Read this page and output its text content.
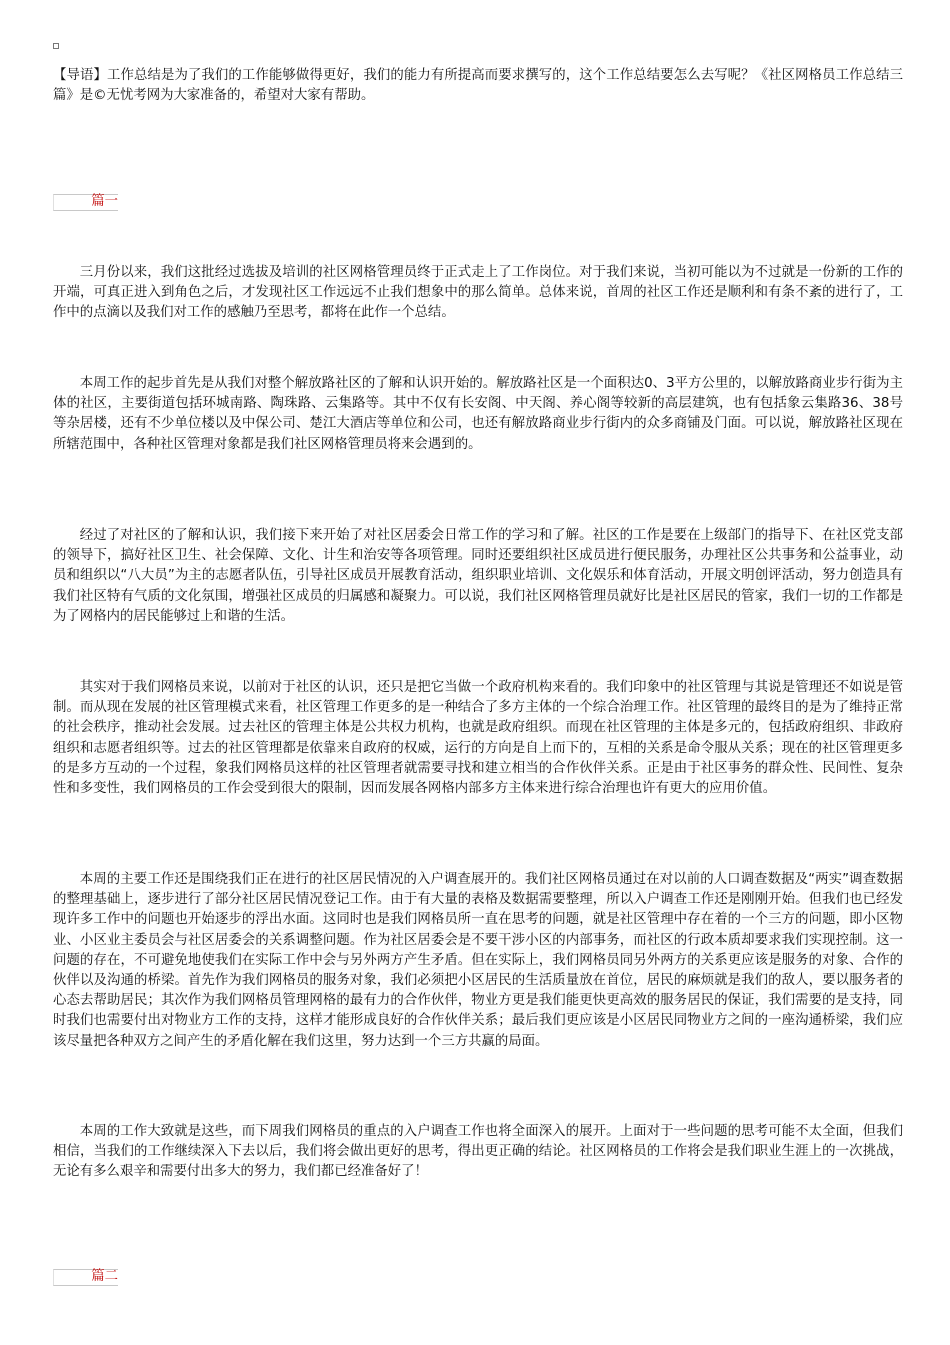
【导语】工作总结是为了我们的工作能够做得更好，我们的能力有所提高而要求撰写的，这个工作总结要怎么去写呢？《社区网格员工作总结三篇》是©无忧考网为大家准备的，希望对大家有帮助。

篇一

三月份以来，我们这批经过选拔及培训的社区网格管理员终于正式走上了工作岗位。对于我们来说，当初可能以为不过就是一份新的工作的开端，可真正进入到角色之后，才发现社区工作远远不止我们想象中的那么简单。总体来说，首周的社区工作还是顺利和有条不紊的进行了，工作中的点滴以及我们对工作的感触乃至思考，都将在此作一个总结。

本周工作的起步首先是从我们对整个解放路社区的了解和认识开始的。解放路社区是一个面积达0、3平方公里的，以解放路商业步行街为主体的社区，主要街道包括环城南路、陶珠路、云集路等。其中不仅有长安阁、中天阁、养心阁等较新的高层建筑，也有包括象云集路36、38号等杂居楼，还有不少单位楼以及中保公司、楚江大酒店等单位和公司，也还有解放路商业步行街内的众多商铺及门面。可以说，解放路社区现在所辖范围中，各种社区管理对象都是我们社区网格管理员将来会遇到的。

经过了对社区的了解和认识，我们接下来开始了对社区居委会日常工作的学习和了解。社区的工作是要在上级部门的指导下、在社区党支部的领导下，搞好社区卫生、社会保障、文化、计生和治安等各项管理。同时还要组织社区成员进行便民服务，办理社区公共事务和公益事业，动员和组织以“八大员”为主的志愿者队伍，引导社区成员开展教育活动，组织职业培训、文化娱乐和体育活动，开展文明创评活动，努力创造具有我们社区特有气质的文化氛围，增强社区成员的归属感和凝聚力。可以说，我们社区网格管理员就好比是社区居民的管家，我们一切的工作都是为了网格内的居民能够过上和谐的生活。

其实对于我们网格员来说，以前对于社区的认识，还只是把它当做一个政府机构来看的。我们印象中的社区管理与其说是管理还不如说是管制。而从现在发展的社区管理模式来看，社区管理工作更多的是一种结合了多方主体的一个综合治理工作。社区管理的最终目的是为了维持正常的社会秩序，推动社会发展。过去社区的管理主体是公共权力机构，也就是政府组织。而现在社区管理的主体是多元的，包括政府组织、非政府组织和志愿者组织等。过去的社区管理都是依靠来自政府的权威，运行的方向是自上而下的，互相的关系是命令服从关系；现在的社区管理更多的是多方互动的一个过程，象我们网格员这样的社区管理者就需要寻找和建立相当的合作伙伴关系。正是由于社区事务的群众性、民间性、复杂性和多变性，我们网格员的工作会受到很大的限制，因而发展各网格内部多方主体来进行综合治理也许有更大的应用价值。

本周的主要工作还是围绕我们正在进行的社区居民情况的入户调查展开的。我们社区网格员通过在对以前的人口调查数据及“两实”调查数据的整理基础上，逐步进行了部分社区居民情况登记工作。由于有大量的表格及数据需要整理，所以入户调查工作还是刚刚开始。但我们也已经发现许多工作中的问题也开始逐步的浮出水面。这同时也是我们网格员所一直在思考的问题，就是社区管理中存在着的一个三方的问题，即小区物业、小区业主委员会与社区居委会的关系调整问题。作为社区居委会是不要干涉小区的内部事务，而社区的行政本质却要求我们实现控制。这一问题的存在，不可避免地使我们在实际工作中会与另外两方产生矛盾。但在实际上，我们网格员同另外两方的关系更应该是服务的对象、合作的伙伴以及沟通的桥梁。首先作为我们网格员的服务对象，我们必须把小区居民的生活质量放在首位，居民的麻烦就是我们的敌人，要以服务者的心态去帮助居民；其次作为我们网格员管理网格的最有力的合作伙伴，物业方更是我们能更快更高效的服务居民的保证，我们需要的是支持，同时我们也需要付出对物业方工作的支持，这样才能形成良好的合作伙伴关系；最后我们更应该是小区居民同物业方之间的一座沟通桥梁，我们应该尽量把各种双方之间产生的矛盾化解在我们这里，努力达到一个三方共赢的局面。

本周的工作大致就是这些，而下周我们网格员的重点的入户调查工作也将全面深入的展开。上面对于一些问题的思考可能不太全面，但我们相信，当我们的工作继续深入下去以后，我们将会做出更好的思考，得出更正确的结论。社区网格员的工作将会是我们职业生涯上的一次挑战，无论有多么艰辛和需要付出多大的努力，我们都已经准备好了！

篇二
